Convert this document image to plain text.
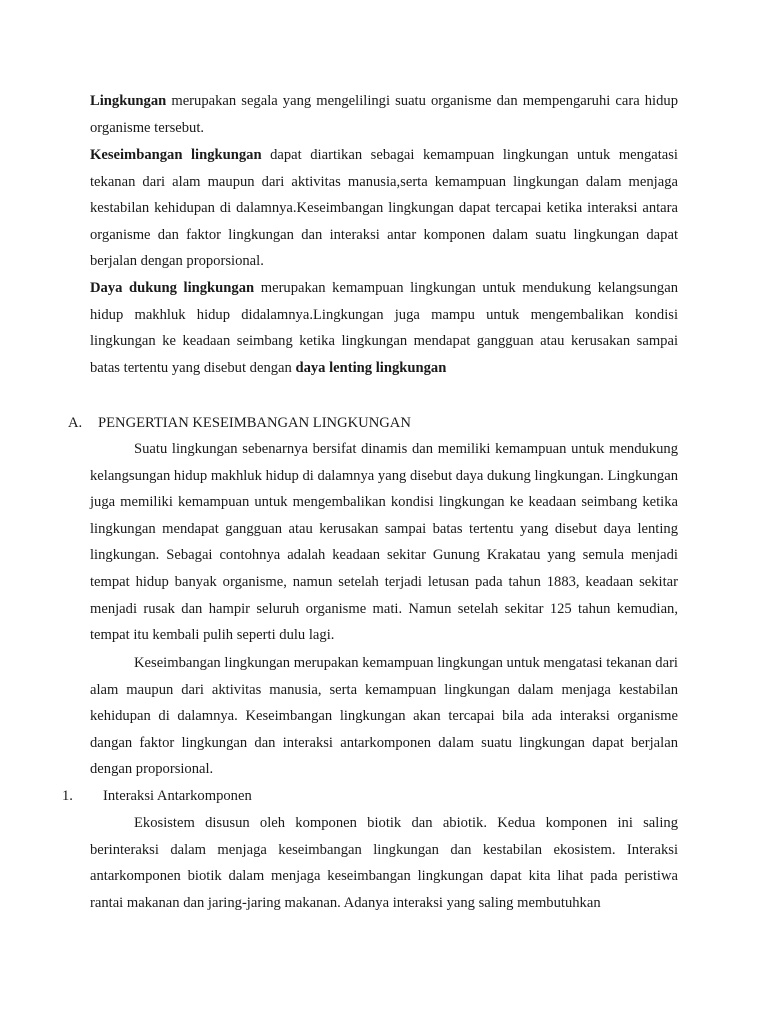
Lingkungan merupakan segala yang mengelilingi suatu organisme dan mempengaruhi cara hidup organisme tersebut.

Keseimbangan lingkungan dapat diartikan sebagai kemampuan lingkungan untuk mengatasi tekanan dari alam maupun dari aktivitas manusia,serta kemampuan lingkungan dalam menjaga kestabilan kehidupan di dalamnya.Keseimbangan lingkungan dapat tercapai ketika interaksi antara organisme dan faktor lingkungan dan interaksi antar komponen dalam suatu lingkungan dapat berjalan dengan proporsional.

Daya dukung lingkungan merupakan kemampuan lingkungan untuk mendukung kelangsungan hidup makhluk hidup didalamnya.Lingkungan juga mampu untuk mengembalikan kondisi lingkungan ke keadaan seimbang ketika lingkungan mendapat gangguan atau kerusakan sampai batas tertentu yang disebut dengan daya lenting lingkungan

A. PENGERTIAN KESEIMBANGAN LINGKUNGAN

Suatu lingkungan sebenarnya bersifat dinamis dan memiliki kemampuan untuk mendukung kelangsungan hidup makhluk hidup di dalamnya yang disebut daya dukung lingkungan. Lingkungan juga memiliki kemampuan untuk mengembalikan kondisi lingkungan ke keadaan seimbang ketika lingkungan mendapat gangguan atau kerusakan sampai batas tertentu yang disebut daya lenting lingkungan. Sebagai contohnya adalah keadaan sekitar Gunung Krakatau yang semula menjadi tempat hidup banyak organisme, namun setelah terjadi letusan pada tahun 1883, keadaan sekitar menjadi rusak dan hampir seluruh organisme mati. Namun setelah sekitar 125 tahun kemudian, tempat itu kembali pulih seperti dulu lagi.

Keseimbangan lingkungan merupakan kemampuan lingkungan untuk mengatasi tekanan dari alam maupun dari aktivitas manusia, serta kemampuan lingkungan dalam menjaga kestabilan kehidupan di dalamnya. Keseimbangan lingkungan akan tercapai bila ada interaksi organisme dangan faktor lingkungan dan interaksi antarkomponen dalam suatu lingkungan dapat berjalan dengan proporsional.

1. Interaksi Antarkomponen

Ekosistem disusun oleh komponen biotik dan abiotik. Kedua komponen ini saling berinteraksi dalam menjaga keseimbangan lingkungan dan kestabilan ekosistem. Interaksi antarkomponen biotik dalam menjaga keseimbangan lingkungan dapat kita lihat pada peristiwa rantai makanan dan jaring-jaring makanan. Adanya interaksi yang saling membutuhkan
